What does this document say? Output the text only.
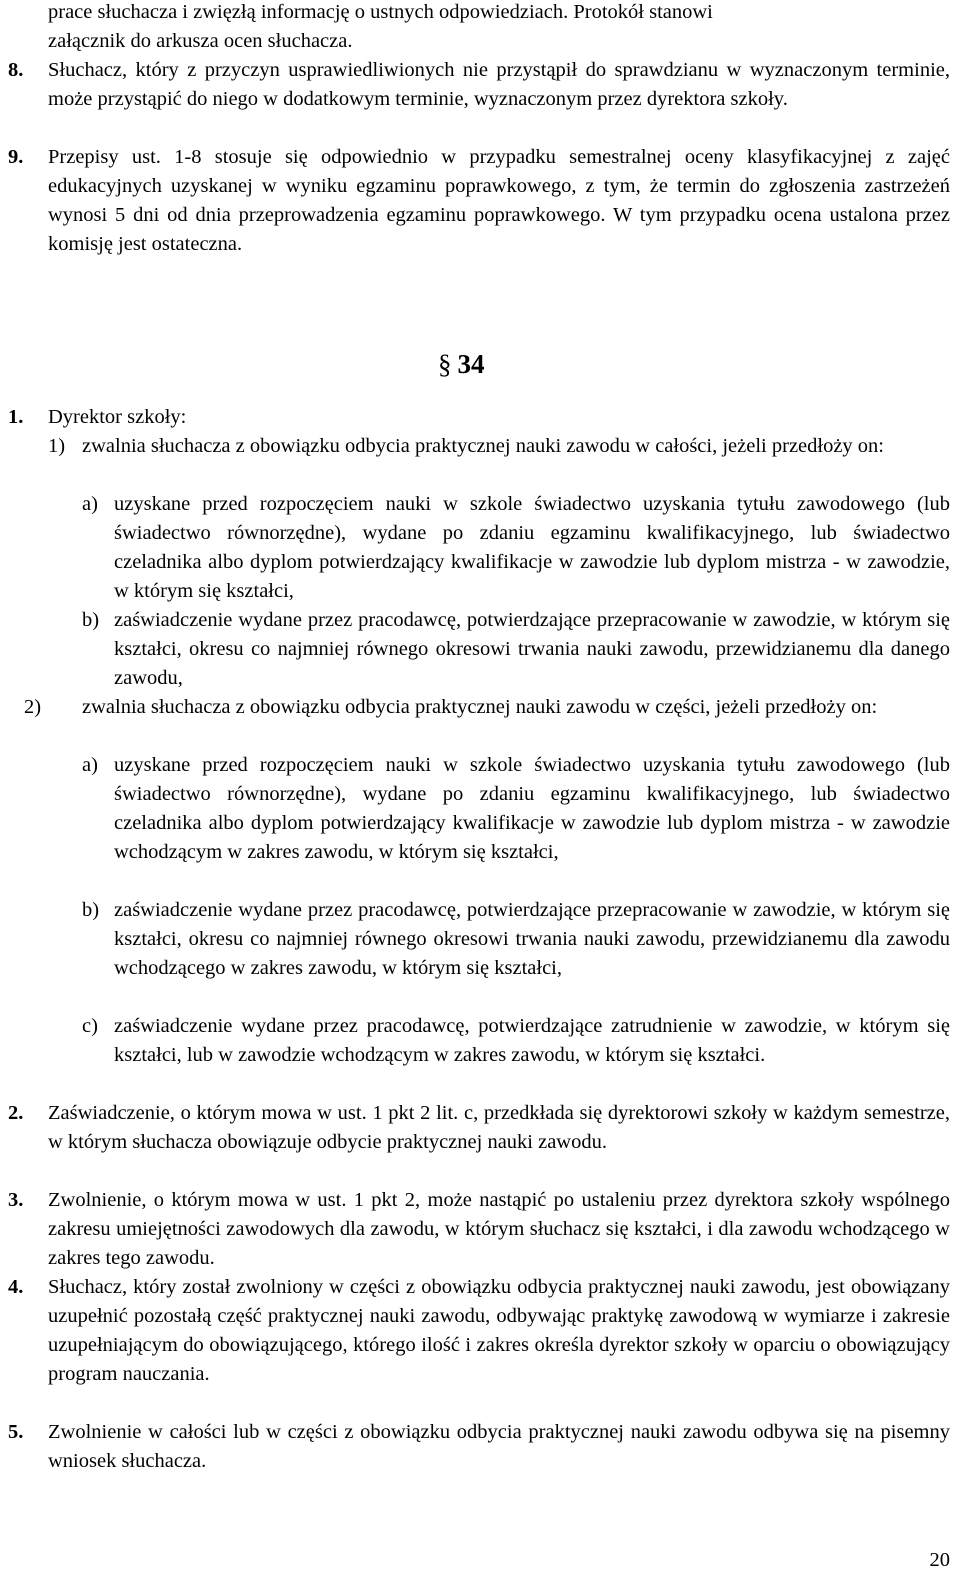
prace słuchacza i zwięzłą informację o ustnych odpowiedziach. Protokół stanowi
załącznik do arkusza ocen słuchacza.
8. Słuchacz, który z przyczyn usprawiedliwionych nie przystąpił do sprawdzianu w wyznaczonym terminie, może przystąpić do niego w dodatkowym terminie, wyznaczonym przez dyrektora szkoły.
9. Przepisy ust. 1-8 stosuje się odpowiednio w przypadku semestralnej oceny klasyfikacyjnej z zajęć edukacyjnych uzyskanej w wyniku egzaminu poprawkowego, z tym, że termin do zgłoszenia zastrzeżeń wynosi 5 dni od dnia przeprowadzenia egzaminu poprawkowego. W tym przypadku ocena ustalona przez komisję jest ostateczna.
§ 34
1. Dyrektor szkoły:
1) zwalnia słuchacza z obowiązku odbycia praktycznej nauki zawodu w całości, jeżeli przedłoży on:
a) uzyskane przed rozpoczęciem nauki w szkole świadectwo uzyskania tytułu zawodowego (lub świadectwo równorzędne), wydane po zdaniu egzaminu kwalifikacyjnego, lub świadectwo czeladnika albo dyplom potwierdzający kwalifikacje w zawodzie lub dyplom mistrza - w zawodzie, w którym się kształci,
b) zaświadczenie wydane przez pracodawcę, potwierdzające przepracowanie w zawodzie, w którym się kształci, okresu co najmniej równego okresowi trwania nauki zawodu, przewidzianemu dla danego zawodu,
2) zwalnia słuchacza z obowiązku odbycia praktycznej nauki zawodu w części, jeżeli przedłoży on:
a) uzyskane przed rozpoczęciem nauki w szkole świadectwo uzyskania tytułu zawodowego (lub świadectwo równorzędne), wydane po zdaniu egzaminu kwalifikacyjnego, lub świadectwo czeladnika albo dyplom potwierdzający kwalifikacje w zawodzie lub dyplom mistrza - w zawodzie wchodzącym w zakres zawodu, w którym się kształci,
b) zaświadczenie wydane przez pracodawcę, potwierdzające przepracowanie w zawodzie, w którym się kształci, okresu co najmniej równego okresowi trwania nauki zawodu, przewidzianemu dla zawodu wchodzącego w zakres zawodu, w którym się kształci,
c) zaświadczenie wydane przez pracodawcę, potwierdzające zatrudnienie w zawodzie, w którym się kształci, lub w zawodzie wchodzącym w zakres zawodu, w którym się kształci.
2. Zaświadczenie, o którym mowa w ust. 1 pkt 2 lit. c, przedkłada się dyrektorowi szkoły w każdym semestrze, w którym słuchacza obowiązuje odbycie praktycznej nauki zawodu.
3. Zwolnienie, o którym mowa w ust. 1 pkt 2, może nastąpić po ustaleniu przez dyrektora szkoły wspólnego zakresu umiejętności zawodowych dla zawodu, w którym słuchacz się kształci, i dla zawodu wchodzącego w zakres tego zawodu.
4. Słuchacz, który został zwolniony w części z obowiązku odbycia praktycznej nauki zawodu, jest obowiązany uzupełnić pozostałą część praktycznej nauki zawodu, odbywając praktykę zawodową w wymiarze i zakresie uzupełniającym do obowiązującego, którego ilość i zakres określa dyrektor szkoły w oparciu o obowiązujący program nauczania.
5. Zwolnienie w całości lub w części z obowiązku odbycia praktycznej nauki zawodu odbywa się na pisemny wniosek słuchacza.
20
